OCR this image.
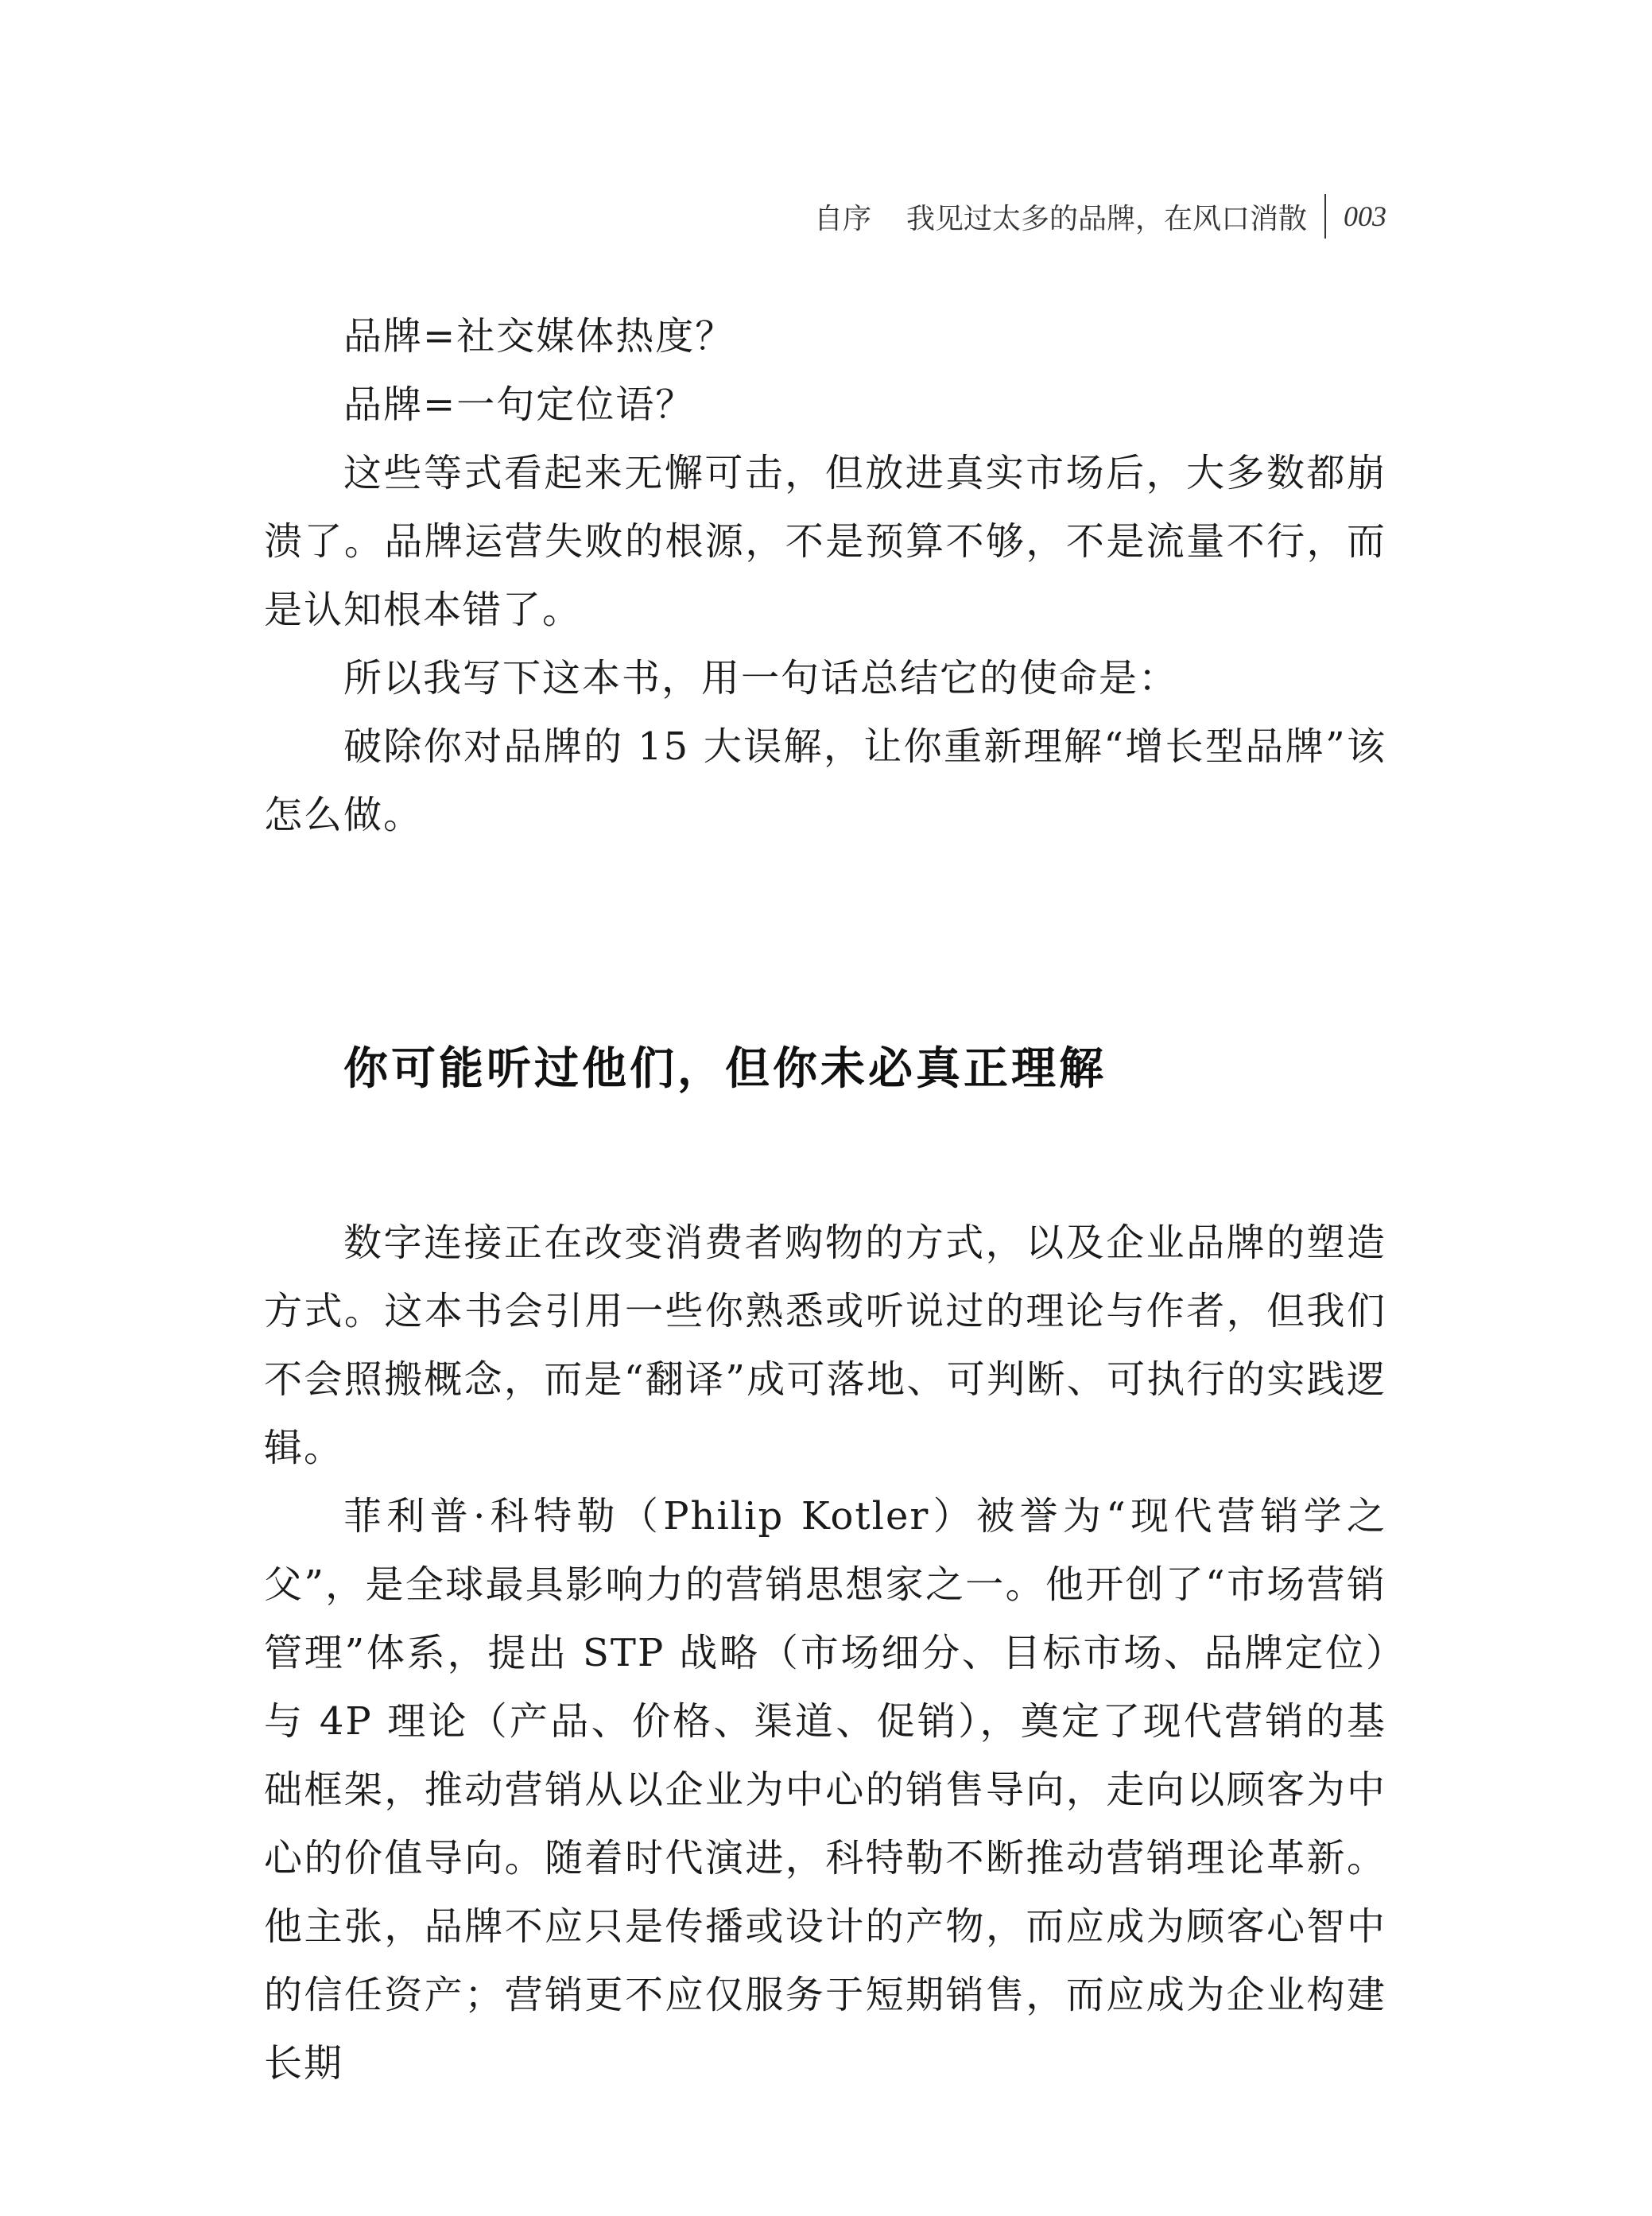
自序 我见过太多的品牌，在风口消散 003

品牌=社交媒体热度？

品牌=一句定位语？

这些等式看起来无懈可击，但放进真实市场后，大多数都崩溃了。品牌运营失败的根源，不是预算不够，不是流量不行，而是认知根本错了。

所以我写下这本书，用一句话总结它的使命是：

破除你对品牌的 15 大误解，让你重新理解“增长型品牌”该怎么做。

你可能听过他们，但你未必真正理解

数字连接正在改变消费者购物的方式，以及企业品牌的塑造方式。这本书会引用一些你熟悉或听说过的理论与作者，但我们不会照搬概念，而是“翻译”成可落地、可判断、可执行的实践逻辑。

菲利普·科特勒（Philip Kotler）被誉为“现代营销学之父”，是全球最具影响力的营销思想家之一。他开创了“市场营销管理”体系，提出 STP 战略（市场细分、目标市场、品牌定位）与 4P 理论（产品、价格、渠道、促销），奠定了现代营销的基础框架，推动营销从以企业为中心的销售导向，走向以顾客为中心的价值导向。随着时代演进，科特勒不断推动营销理论革新。他主张，品牌不应只是传播或设计的产物，而应成为顾客心智中的信任资产；营销更不应仅服务于短期销售，而应成为企业构建长期
